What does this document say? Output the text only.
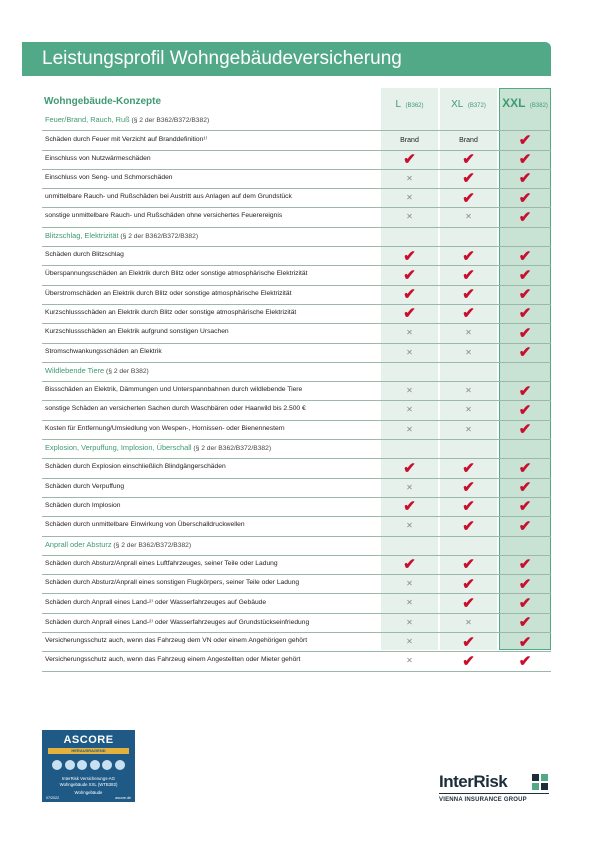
Leistungsprofil Wohngebäudeversicherung
Wohngebäude-Konzepte	L (B362)	XL (B372)	XXL (B382)
Feuer/Brand, Rauch, Ruß (§ 2 der B362/B372/B382)
Schäden durch Feuer mit Verzicht auf Branddefinition¹⁾	Brand	Brand	✔
Einschluss von Nutzwärmeschäden	✔	✔	✔
Einschluss von Seng- und Schmorschäden	✕	✔	✔
unmittelbare Rauch- und Rußschäden bei Austritt aus Anlagen auf dem Grundstück	✕	✔	✔
sonstige unmittelbare Rauch- und Rußschäden ohne versichertes Feuerereignis	✕	✕	✔
Blitzschlag, Elektrizität (§ 2 der B362/B372/B382)
Schäden durch Blitzschlag	✔	✔	✔
Überspannungsschäden an Elektrik durch Blitz oder sonstige atmosphärische Elektrizität	✔	✔	✔
Überstromschäden an Elektrik durch Blitz oder sonstige atmosphärische Elektrizität	✔	✔	✔
Kurzschlussschäden an Elektrik durch Blitz oder sonstige atmosphärische Elektrizität	✔	✔	✔
Kurzschlussschäden an Elektrik aufgrund sonstigen Ursachen	✕	✕	✔
Stromschwankungsschäden an Elektrik	✕	✕	✔
Wildlebende Tiere (§ 2 der B382)
Bissschäden an Elektrik, Dämmungen und Unterspannbahnen durch wildlebende Tiere	✕	✕	✔
sonstige Schäden an versicherten Sachen durch Waschbären oder Haarwild bis 2.500 €	✕	✕	✔
Kosten für Entfernung/Umsiedlung von Wespen-, Hornissen- oder Bienennestern	✕	✕	✔
Explosion, Verpuffung, Implosion, Überschall (§ 2 der B362/B372/B382)
Schäden durch Explosion einschließlich Blindgängerschäden	✔	✔	✔
Schäden durch Verpuffung	✕	✔	✔
Schäden durch Implosion	✔	✔	✔
Schäden durch unmittelbare Einwirkung von Überschalldruckwellen	✕	✔	✔
Anprall oder Absturz (§ 2 der B362/B372/B382)
Schäden durch Absturz/Anprall eines Luftfahrzeuges, seiner Teile oder Ladung	✔	✔	✔
Schäden durch Absturz/Anprall eines sonstigen Flugkörpers, seiner Teile oder Ladung	✕	✔	✔
Schäden durch Anprall eines Land-²⁾ oder Wasserfahrzeuges auf Gebäude	✕	✔	✔
Schäden durch Anprall eines Land-²⁾ oder Wasserfahrzeuges auf Grundstückseinfriedung	✕	✕	✔
Versicherungsschutz auch, wenn das Fahrzeug dem VN oder einem Angehörigen gehört	✕	✔	✔
Versicherungsschutz auch, wenn das Fahrzeug einem Angestellten oder Mieter gehört	✕	✔	✔
ASCORE
HERAUSRAGEND
InterRisk Versicherungs-AG
Wohngebäude XXL (WTB382)
Wohngebäude
07/2022	ascore.de
InterRisk
VIENNA INSURANCE GROUP
